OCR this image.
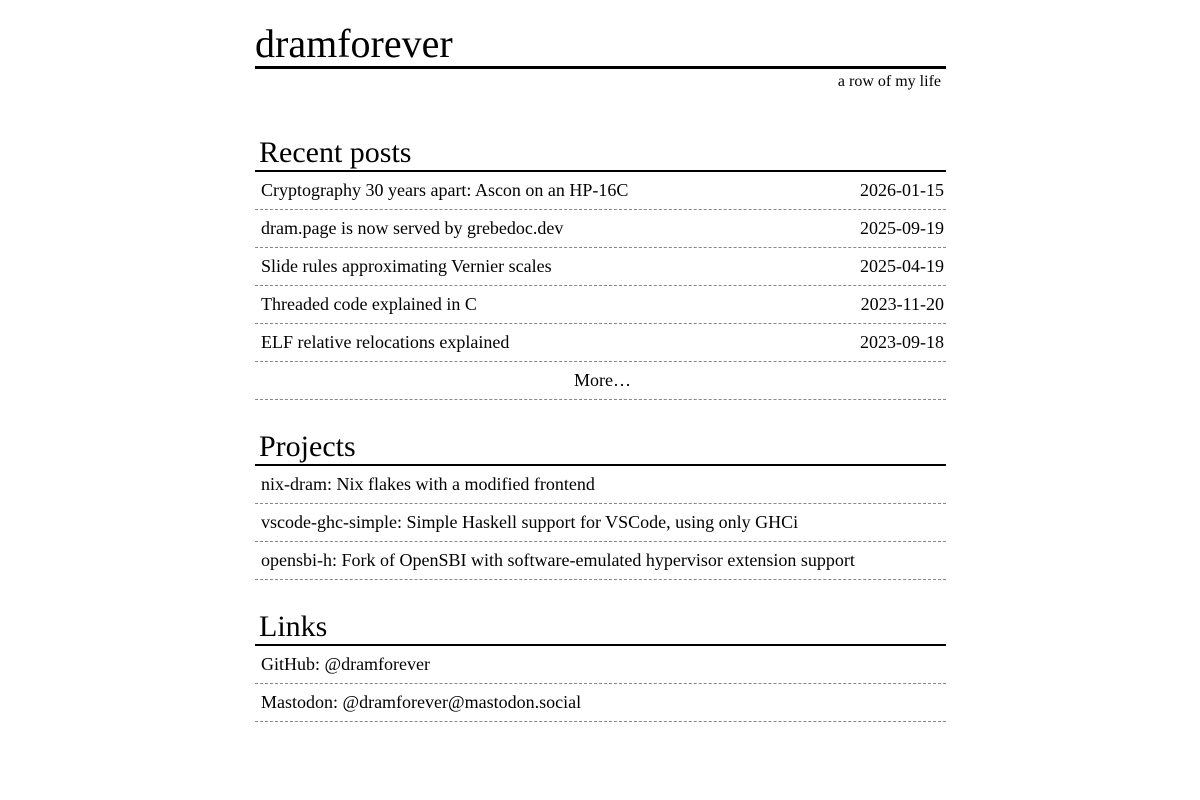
dramforever
a row of my life
Recent posts
Cryptography 30 years apart: Ascon on an HP-16C	2026-01-15
dram.page is now served by grebedoc.dev	2025-09-19
Slide rules approximating Vernier scales	2025-04-19
Threaded code explained in C	2023-11-20
ELF relative relocations explained	2023-09-18
More…
Projects
nix-dram: Nix flakes with a modified frontend
vscode-ghc-simple: Simple Haskell support for VSCode, using only GHCi
opensbi-h: Fork of OpenSBI with software-emulated hypervisor extension support
Links
GitHub: @dramforever
Mastodon: @dramforever@mastodon.social
